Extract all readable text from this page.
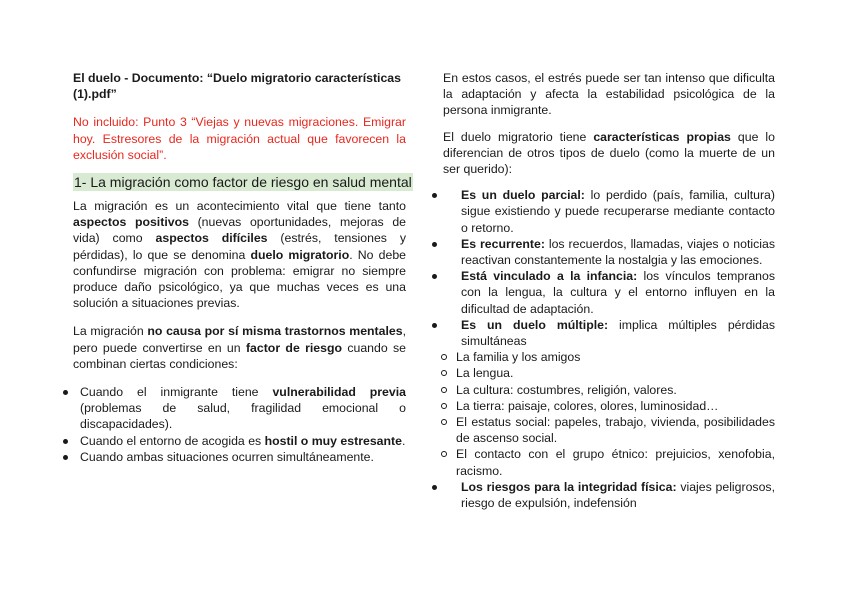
El duelo - Documento: “Duelo migratorio características (1).pdf”

No incluido: Punto 3 “Viejas y nuevas migraciones. Emigrar hoy. Estresores de la migración actual que favorecen la exclusión social”.

1- La migración como factor de riesgo en salud mental

La migración es un acontecimiento vital que tiene tanto aspectos positivos (nuevas oportunidades, mejoras de vida) como aspectos difíciles (estrés, tensiones y pérdidas), lo que se denomina duelo migratorio. No debe confundirse migración con problema: emigrar no siempre produce daño psicológico, ya que muchas veces es una solución a situaciones previas.

La migración no causa por sí misma trastornos mentales, pero puede convertirse en un factor de riesgo cuando se combinan ciertas condiciones:

Cuando el inmigrante tiene vulnerabilidad previa (problemas de salud, fragilidad emocional o discapacidades).
Cuando el entorno de acogida es hostil o muy estresante.
Cuando ambas situaciones ocurren simultáneamente.

En estos casos, el estrés puede ser tan intenso que dificulta la adaptación y afecta la estabilidad psicológica de la persona inmigrante.

El duelo migratorio tiene características propias que lo diferencian de otros tipos de duelo (como la muerte de un ser querido):

Es un duelo parcial: lo perdido (país, familia, cultura) sigue existiendo y puede recuperarse mediante contacto o retorno.
Es recurrente: los recuerdos, llamadas, viajes o noticias reactivan constantemente la nostalgia y las emociones.
Está vinculado a la infancia: los vínculos tempranos con la lengua, la cultura y el entorno influyen en la dificultad de adaptación.
Es un duelo múltiple: implica múltiples pérdidas simultáneas
La familia y los amigos
La lengua.
La cultura: costumbres, religión, valores.
La tierra: paisaje, colores, olores, luminosidad…
El estatus social: papeles, trabajo, vivienda, posibilidades de ascenso social.
El contacto con el grupo étnico: prejuicios, xenofobia, racismo.
Los riesgos para la integridad física: viajes peligrosos, riesgo de expulsión, indefensión
